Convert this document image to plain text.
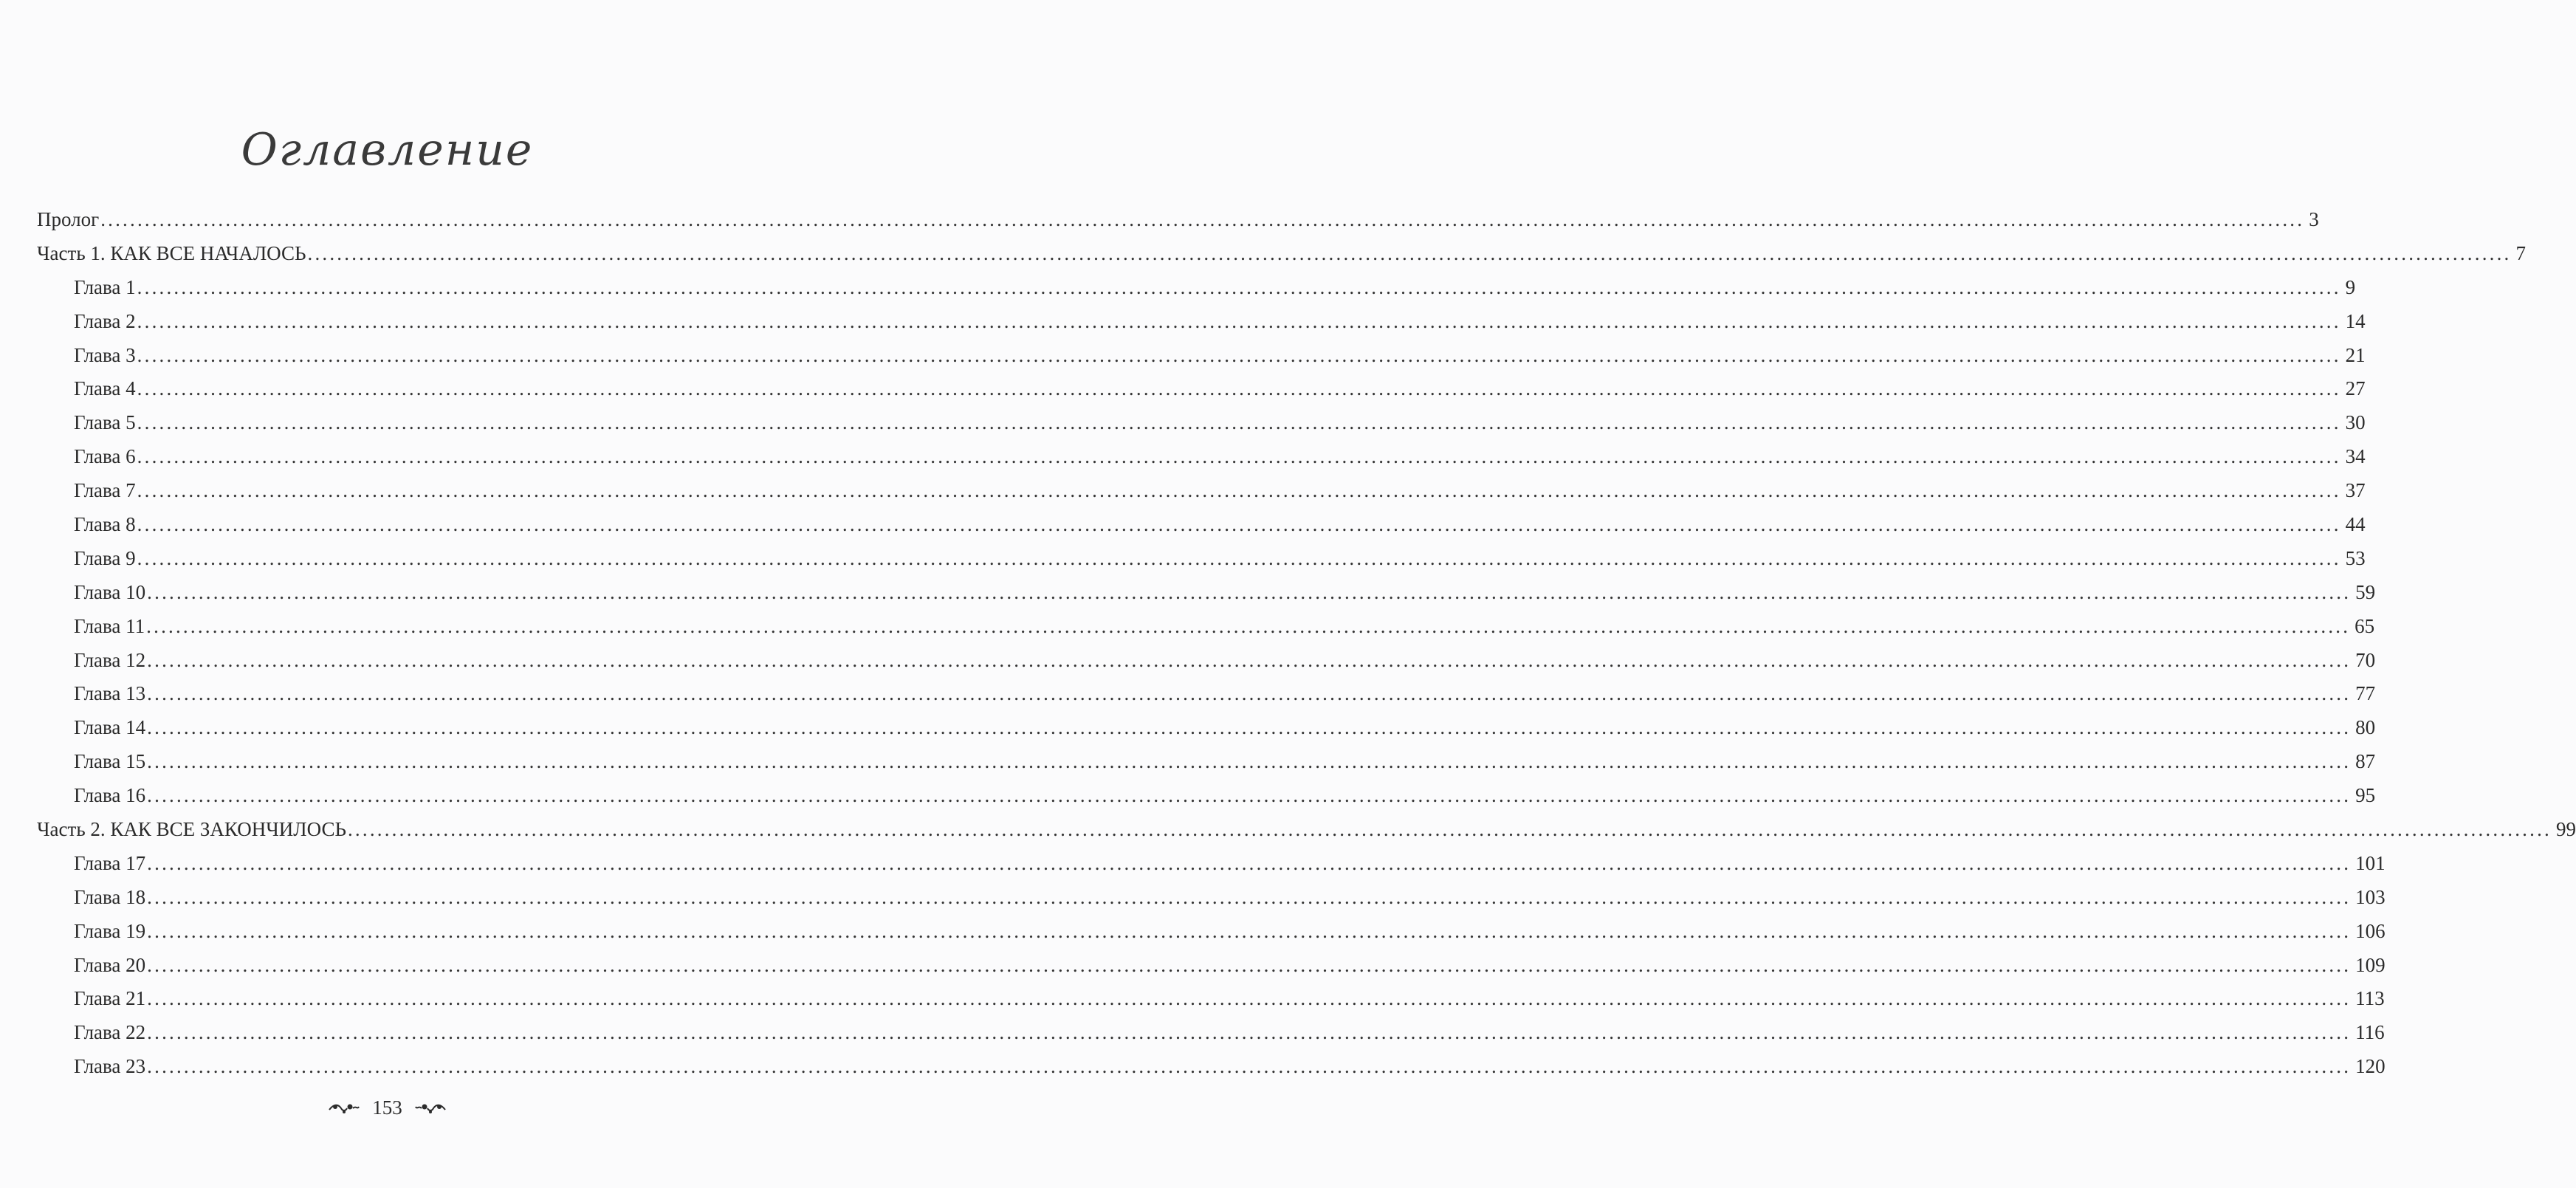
Оглавление
Пролог ............................................................................................................................................................................................................................................................................................................ 3
Часть 1. КАК ВСЕ НАЧАЛОСЬ ............................................................................................................................................................................................................................................................................................................ 7
Глава 1 ............................................................................................................................................................................................................................................................................................................ 9
Глава 2 ............................................................................................................................................................................................................................................................................................................ 14
Глава 3 ............................................................................................................................................................................................................................................................................................................ 21
Глава 4 ............................................................................................................................................................................................................................................................................................................ 27
Глава 5 ............................................................................................................................................................................................................................................................................................................ 30
Глава 6 ............................................................................................................................................................................................................................................................................................................ 34
Глава 7 ............................................................................................................................................................................................................................................................................................................ 37
Глава 8 ............................................................................................................................................................................................................................................................................................................ 44
Глава 9 ............................................................................................................................................................................................................................................................................................................ 53
Глава 10 ............................................................................................................................................................................................................................................................................................................ 59
Глава 11 ............................................................................................................................................................................................................................................................................................................ 65
Глава 12 ............................................................................................................................................................................................................................................................................................................ 70
Глава 13 ............................................................................................................................................................................................................................................................................................................ 77
Глава 14 ............................................................................................................................................................................................................................................................................................................ 80
Глава 15 ............................................................................................................................................................................................................................................................................................................ 87
Глава 16 ............................................................................................................................................................................................................................................................................................................ 95
Часть 2. КАК ВСЕ ЗАКОНЧИЛОСЬ ............................................................................................................................................................................................................................................................................................................ 99
Глава 17 ............................................................................................................................................................................................................................................................................................................ 101
Глава 18 ............................................................................................................................................................................................................................................................................................................ 103
Глава 19 ............................................................................................................................................................................................................................................................................................................ 106
Глава 20 ............................................................................................................................................................................................................................................................................................................ 109
Глава 21 ............................................................................................................................................................................................................................................................................................................ 113
Глава 22 ............................................................................................................................................................................................................................................................................................................ 116
Глава 23 ............................................................................................................................................................................................................................................................................................................ 120
153
